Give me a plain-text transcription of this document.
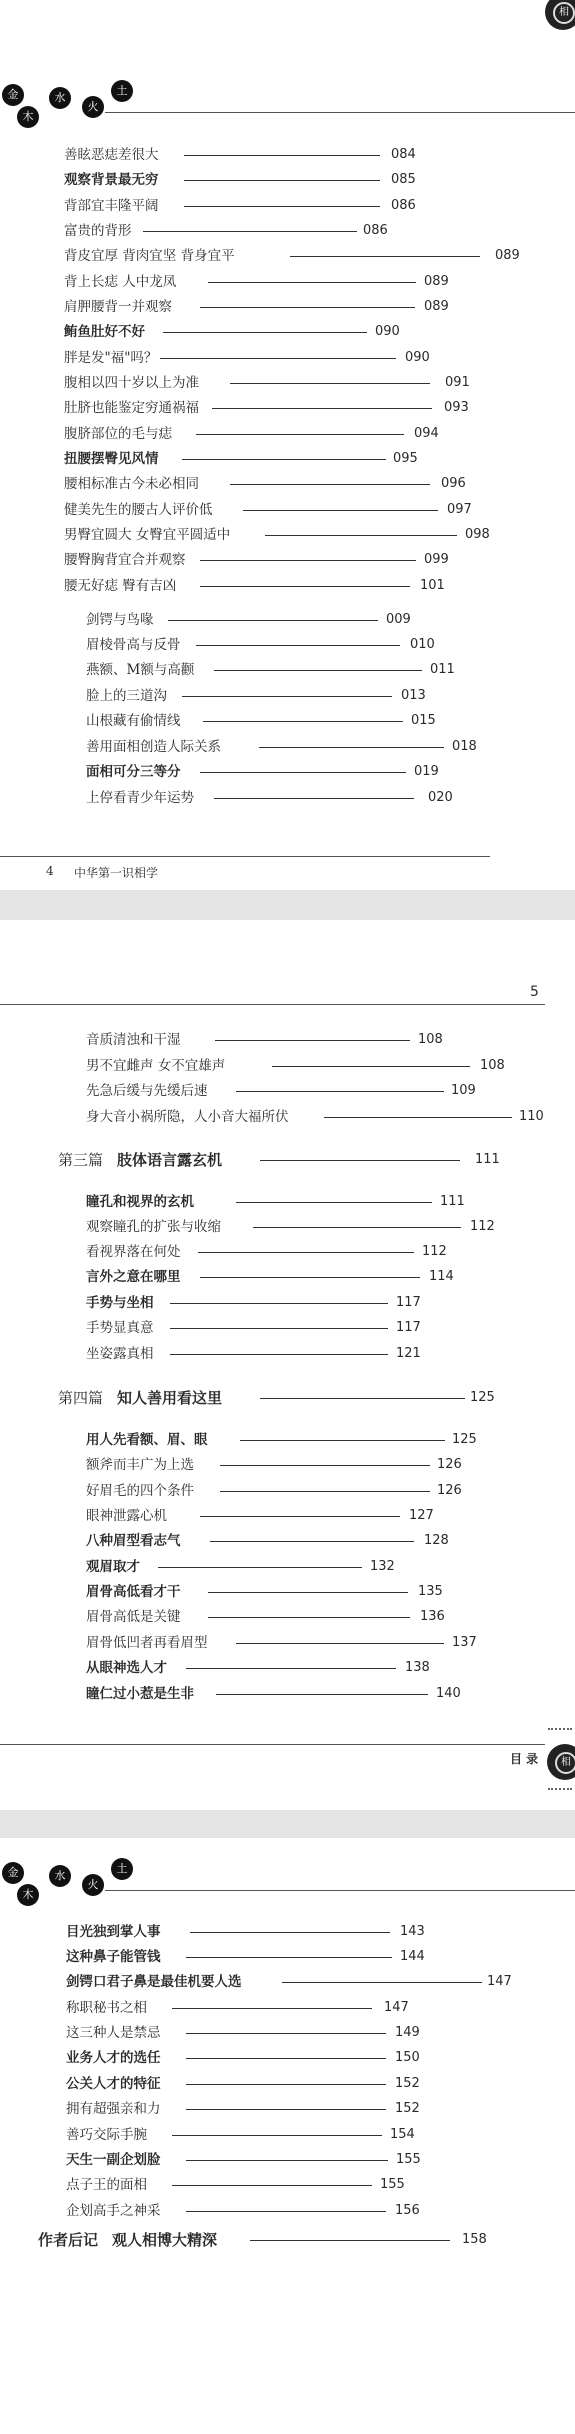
相
金
木
水
火
土
善眩恶痣差很大	084
观察背景最无穷	085
背部宜丰隆平阔	086
富贵的背形	086
背皮宜厚 背肉宜坚 背身宜平	089
背上长痣 人中龙凤	089
肩胛腰背一并观察	089
鲔鱼肚好不好	090
胖是发"福"吗？	090
腹相以四十岁以上为准	091
肚脐也能鉴定穷通祸福	093
腹脐部位的毛与痣	094
扭腰摆臀见风情	095
腰相标准古今未必相同	096
健美先生的腰古人评价低	097
男臀宜圆大 女臀宜平圆适中	098
腰臀胸背宜合并观察	099
腰无好痣 臀有吉凶	101
剑锷与鸟喙	009
眉棱骨高与反骨	010
燕额、M额与高颧	011
脸上的三道沟	013
山根藏有偷情线	015
善用面相创造人际关系	018
面相可分三等分	019
上停看青少年运势	020
4 中华第一识相学
5
音质清浊和干湿	108
男不宜雌声 女不宜雄声	108
先急后缓与先缓后速	109
身大音小祸所隐，人小音大福所伏	110
第三篇 肢体语言露玄机	111
瞳孔和视界的玄机	111
观察瞳孔的扩张与收缩	112
看视界落在何处	112
言外之意在哪里	114
手势与坐相	117
手势显真意	117
坐姿露真相	121
第四篇 知人善用看这里	125
用人先看额、眉、眼	125
额斧而丰广为上选	126
好眉毛的四个条件	126
眼神泄露心机	127
八种眉型看志气	128
观眉取才	132
眉骨高低看才干	135
眉骨高低是关键	136
眉骨低凹者再看眉型	137
从眼神选人才	138
瞳仁过小惹是生非	140
目 录	相
金
木
水
火
土
目光独到掌人事	143
这种鼻子能管钱	144
剑锷口君子鼻是最佳机要人选	147
称职秘书之相	147
这三种人是禁忌	149
业务人才的选任	150
公关人才的特征	152
拥有超强亲和力	152
善巧交际手腕	154
天生一副企划脸	155
点子王的面相	155
企划高手之神采	156
作者后记 观人相博大精深	158
